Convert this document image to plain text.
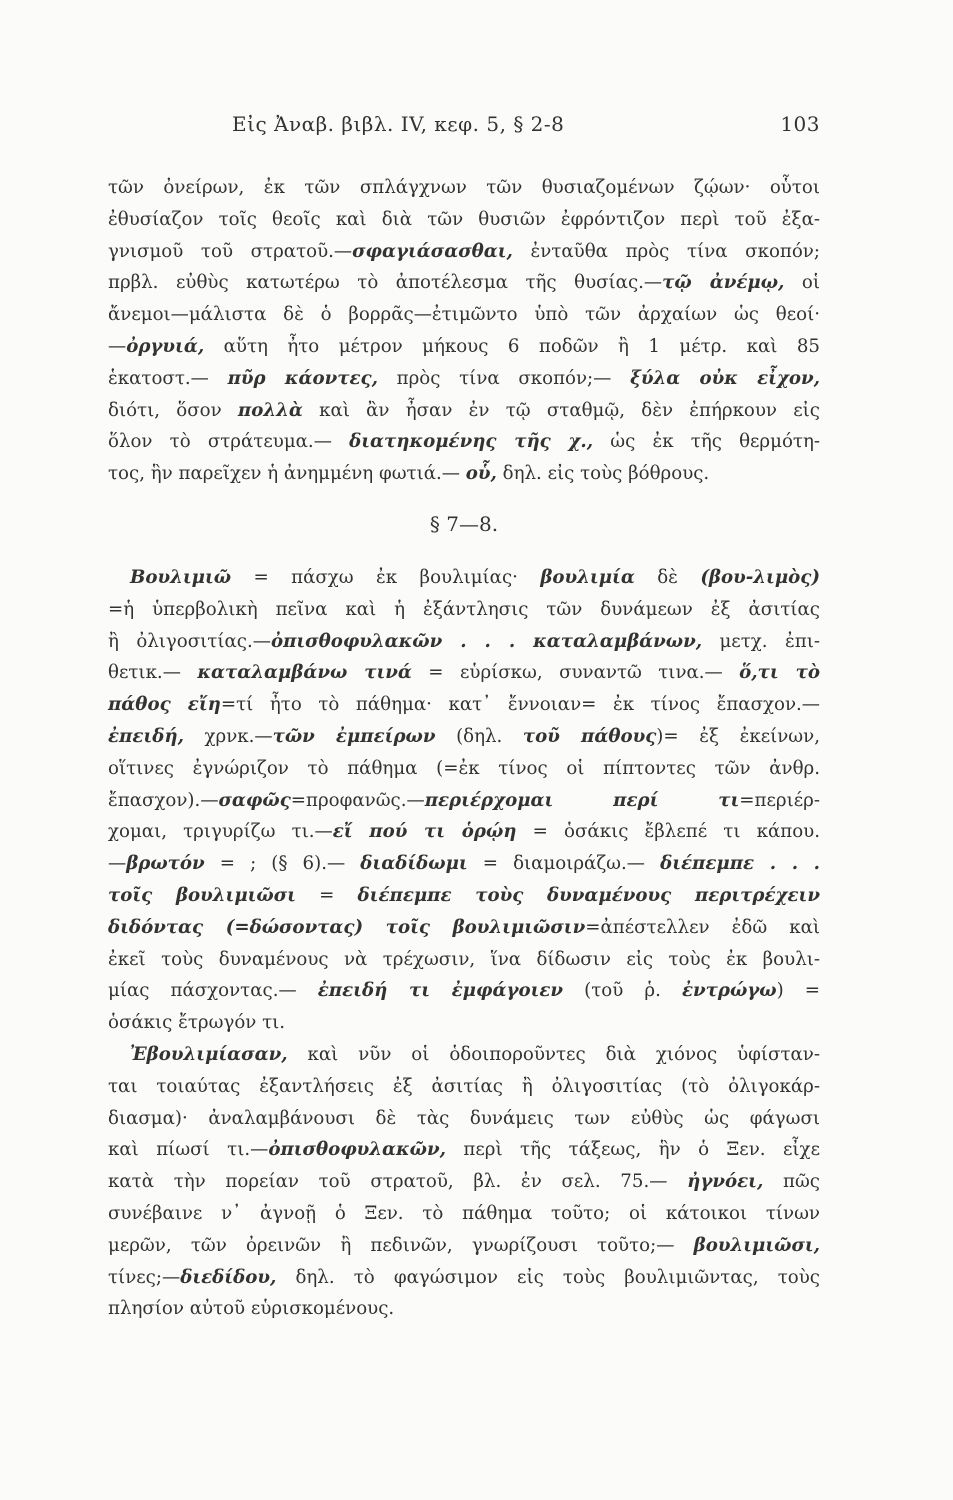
Εἰς Ἀναβ. βιβλ. IV, κεφ. 5, § 2-8	103
τῶν ὀνείρων, ἐκ τῶν σπλάγχνων τῶν θυσιαζομένων ζῴων· οὗτοι
ἐθυσίαζον τοῖς θεοῖς καὶ διὰ τῶν θυσιῶν ἐφρόντιζον περὶ τοῦ ἐξα-
γνισμοῦ τοῦ στρατοῦ.—σφαγιάσασθαι, ἐνταῦθα πρὸς τίνα σκοπόν;
πρβλ. εὐθὺς κατωτέρω τὸ ἀποτέλεσμα τῆς θυσίας.—τῷ ἀνέμῳ, οἱ
ἄνεμοι—μάλιστα δὲ ὁ βορρᾶς—ἐτιμῶντο ὑπὸ τῶν ἀρχαίων ὡς θεοί·
—ὀργυιά, αὕτη ἦτο μέτρον μήκους 6 ποδῶν ἢ 1 μέτρ. καὶ 85
ἑκατοστ.— πῦρ κάοντες, πρὸς τίνα σκοπόν;— ξύλα οὐκ εἶχον,
διότι, ὅσον πολλὰ καὶ ἂν ἦσαν ἐν τῷ σταθμῷ, δὲν ἐπήρκουν εἰς
ὅλον τὸ στράτευμα.— διατηκομένης τῆς χ., ὡς ἐκ τῆς θερμότη-
τος, ἣν παρεῖχεν ἡ ἀνημμένη φωτιά.— οὗ, δηλ. εἰς τοὺς βόθρους.
§ 7—8.
Βουλιμιῶ = πάσχω ἐκ βουλιμίας· βουλιμία δὲ (βου-λιμὸς)
=ἡ ὑπερβολικὴ πεῖνα καὶ ἡ ἐξάντλησις τῶν δυνάμεων ἐξ ἀσιτίας
ἢ ὀλιγοσιτίας.—ὀπισθοφυλακῶν . . . καταλαμβάνων, μετχ. ἐπι-
θετικ.— καταλαμβάνω τινά = εὑρίσκω, συναντῶ τινα.— ὅ,τι τὸ
πάθος εἴη=τί ἦτο τὸ πάθημα· κατ᾽ ἔννοιαν= ἐκ τίνος ἔπασχον.—
ἐπειδή, χρνκ.—τῶν ἐμπείρων (δηλ. τοῦ πάθους)= ἐξ ἐκείνων,
οἵτινες ἐγνώριζον τὸ πάθημα (=ἐκ τίνος οἱ πίπτοντες τῶν ἀνθρ.
ἔπασχον).—σαφῶς=προφανῶς.—περιέρχομαι περί τι=περιέρ-
χομαι, τριγυρίζω τι.—εἴ πού τι ὁρῴη = ὁσάκις ἔβλεπέ τι κάπου.
—βρωτόν = ; (§ 6).— διαδίδωμι = διαμοιράζω.— διέπεμπε . . .
τοῖς βουλιμιῶσι = διέπεμπε τοὺς δυναμένους περιτρέχειν
διδόντας (=δώσοντας) τοῖς βουλιμιῶσιν=ἀπέστελλεν ἐδῶ καὶ
ἐκεῖ τοὺς δυναμένους νὰ τρέχωσιν, ἵνα δίδωσιν εἰς τοὺς ἐκ βουλι-
μίας πάσχοντας.— ἐπειδή τι ἐμφάγοιεν (τοῦ ῥ. ἐντρώγω) =
ὁσάκις ἔτρωγόν τι.
Ἐβουλιμίασαν, καὶ νῦν οἱ ὁδοιποροῦντες διὰ χιόνος ὑφίσταν-
ται τοιαύτας ἐξαντλήσεις ἐξ ἀσιτίας ἢ ὀλιγοσιτίας (τὸ ὀλιγοκάρ-
διασμα)· ἀναλαμβάνουσι δὲ τὰς δυνάμεις των εὐθὺς ὡς φάγωσι
καὶ πίωσί τι.—ὀπισθοφυλακῶν, περὶ τῆς τάξεως, ἣν ὁ Ξεν. εἶχε
κατὰ τὴν πορείαν τοῦ στρατοῦ, βλ. ἐν σελ. 75.— ἠγνόει, πῶς
συνέβαινε ν᾽ ἀγνοῇ ὁ Ξεν. τὸ πάθημα τοῦτο; οἱ κάτοικοι τίνων
μερῶν, τῶν ὀρεινῶν ἢ πεδινῶν, γνωρίζουσι τοῦτο;— βουλιμιῶσι,
τίνες;—διεδίδου, δηλ. τὸ φαγώσιμον εἰς τοὺς βουλιμιῶντας, τοὺς
πλησίον αὐτοῦ εὑρισκομένους.
